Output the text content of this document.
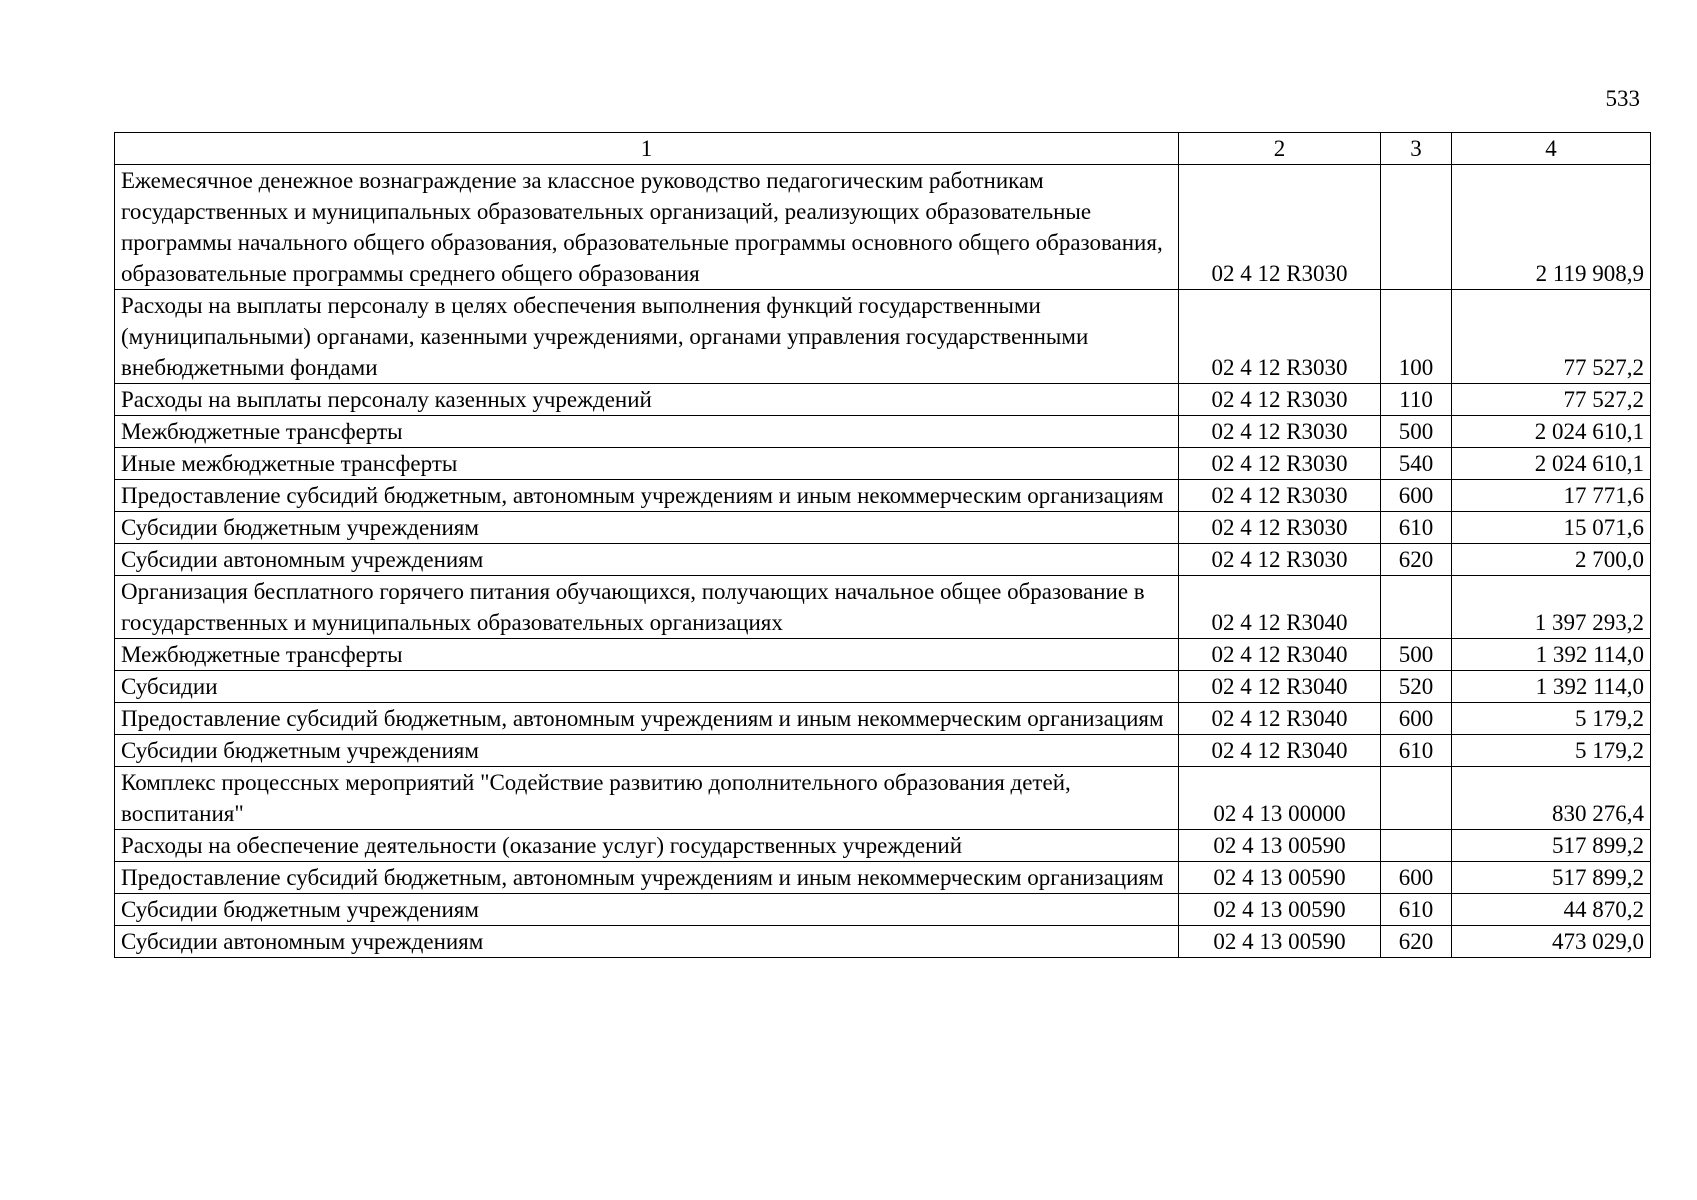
533
1	2	3	4
Ежемесячное денежное вознаграждение за классное руководство педагогическим работникам государственных и муниципальных образовательных организаций, реализующих образовательные программы начального общего образования, образовательные программы основного общего образования, образовательные программы среднего общего образования	02 4 12 R3030		2 119 908,9
Расходы на выплаты персоналу в целях обеспечения выполнения функций государственными (муниципальными) органами, казенными учреждениями, органами управления государственными внебюджетными фондами	02 4 12 R3030	100	77 527,2
Расходы на выплаты персоналу казенных учреждений	02 4 12 R3030	110	77 527,2
Межбюджетные трансферты	02 4 12 R3030	500	2 024 610,1
Иные межбюджетные трансферты	02 4 12 R3030	540	2 024 610,1
Предоставление субсидий бюджетным, автономным учреждениям и иным некоммерческим организациям	02 4 12 R3030	600	17 771,6
Субсидии бюджетным учреждениям	02 4 12 R3030	610	15 071,6
Субсидии автономным учреждениям	02 4 12 R3030	620	2 700,0
Организация бесплатного горячего питания обучающихся, получающих начальное общее образование в государственных и муниципальных образовательных организациях	02 4 12 R3040		1 397 293,2
Межбюджетные трансферты	02 4 12 R3040	500	1 392 114,0
Субсидии	02 4 12 R3040	520	1 392 114,0
Предоставление субсидий бюджетным, автономным учреждениям и иным некоммерческим организациям	02 4 12 R3040	600	5 179,2
Субсидии бюджетным учреждениям	02 4 12 R3040	610	5 179,2
Комплекс процессных мероприятий "Содействие развитию дополнительного образования детей, воспитания"	02 4 13 00000		830 276,4
Расходы на обеспечение деятельности (оказание услуг) государственных учреждений	02 4 13 00590		517 899,2
Предоставление субсидий бюджетным, автономным учреждениям и иным некоммерческим организациям	02 4 13 00590	600	517 899,2
Субсидии бюджетным учреждениям	02 4 13 00590	610	44 870,2
Субсидии автономным учреждениям	02 4 13 00590	620	473 029,0
